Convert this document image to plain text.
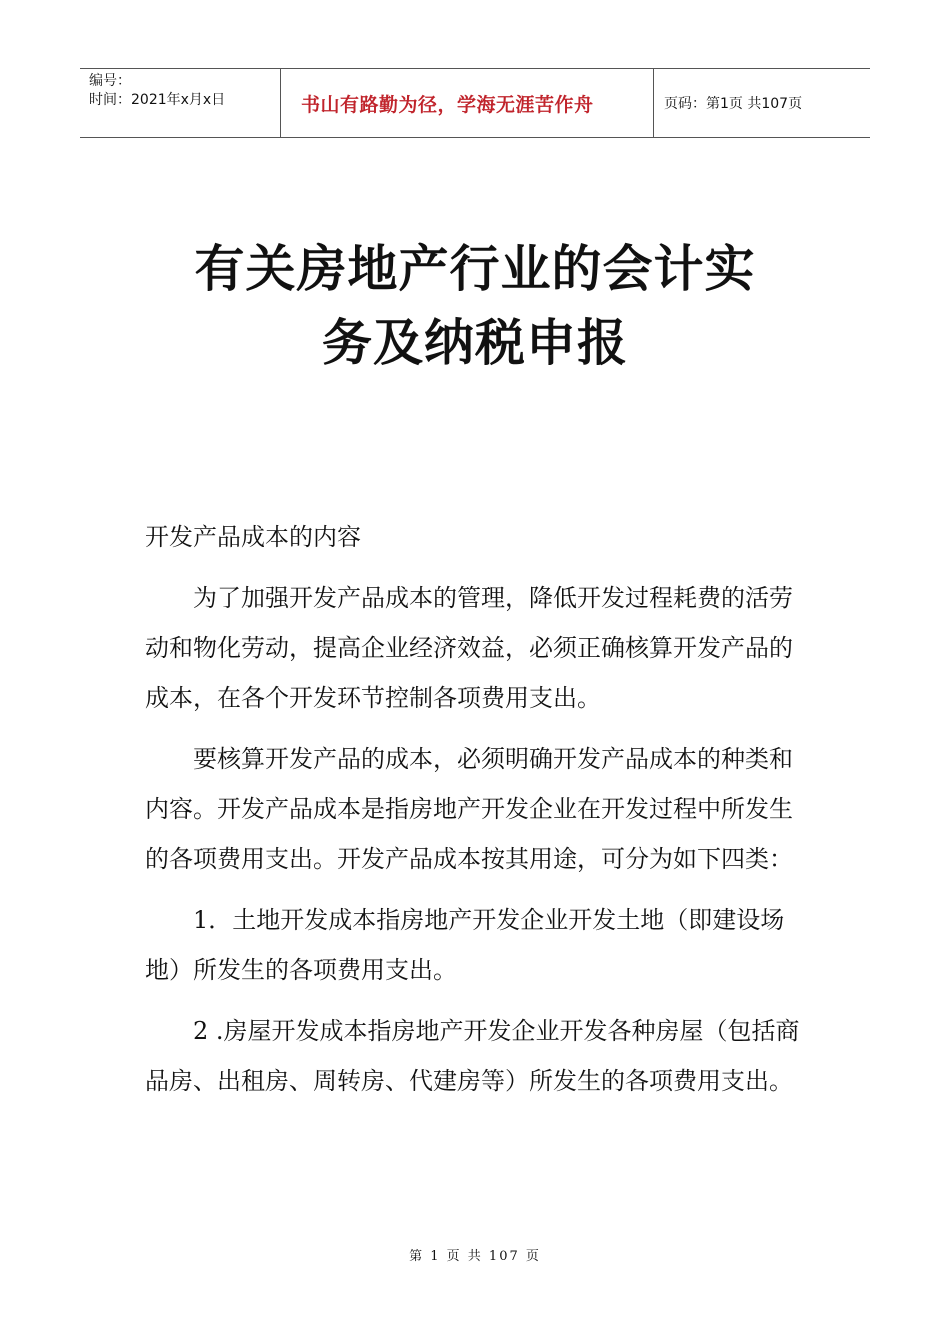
编号：
时间：2021年x月x日	书山有路勤为径，学海无涯苦作舟	页码：第1页 共107页
有关房地产行业的会计实
务及纳税申报

开发产品成本的内容

为了加强开发产品成本的管理，降低开发过程耗费的活劳动和物化劳动，提高企业经济效益，必须正确核算开发产品的成本，在各个开发环节控制各项费用支出。

要核算开发产品的成本，必须明确开发产品成本的种类和内容。开发产品成本是指房地产开发企业在开发过程中所发生的各项费用支出。开发产品成本按其用途，可分为如下四类：

1．土地开发成本指房地产开发企业开发土地（即建设场地）所发生的各项费用支出。

2 .房屋开发成本指房地产开发企业开发各种房屋（包括商品房、出租房、周转房、代建房等）所发生的各项费用支出。

第 1 页 共 107 页
